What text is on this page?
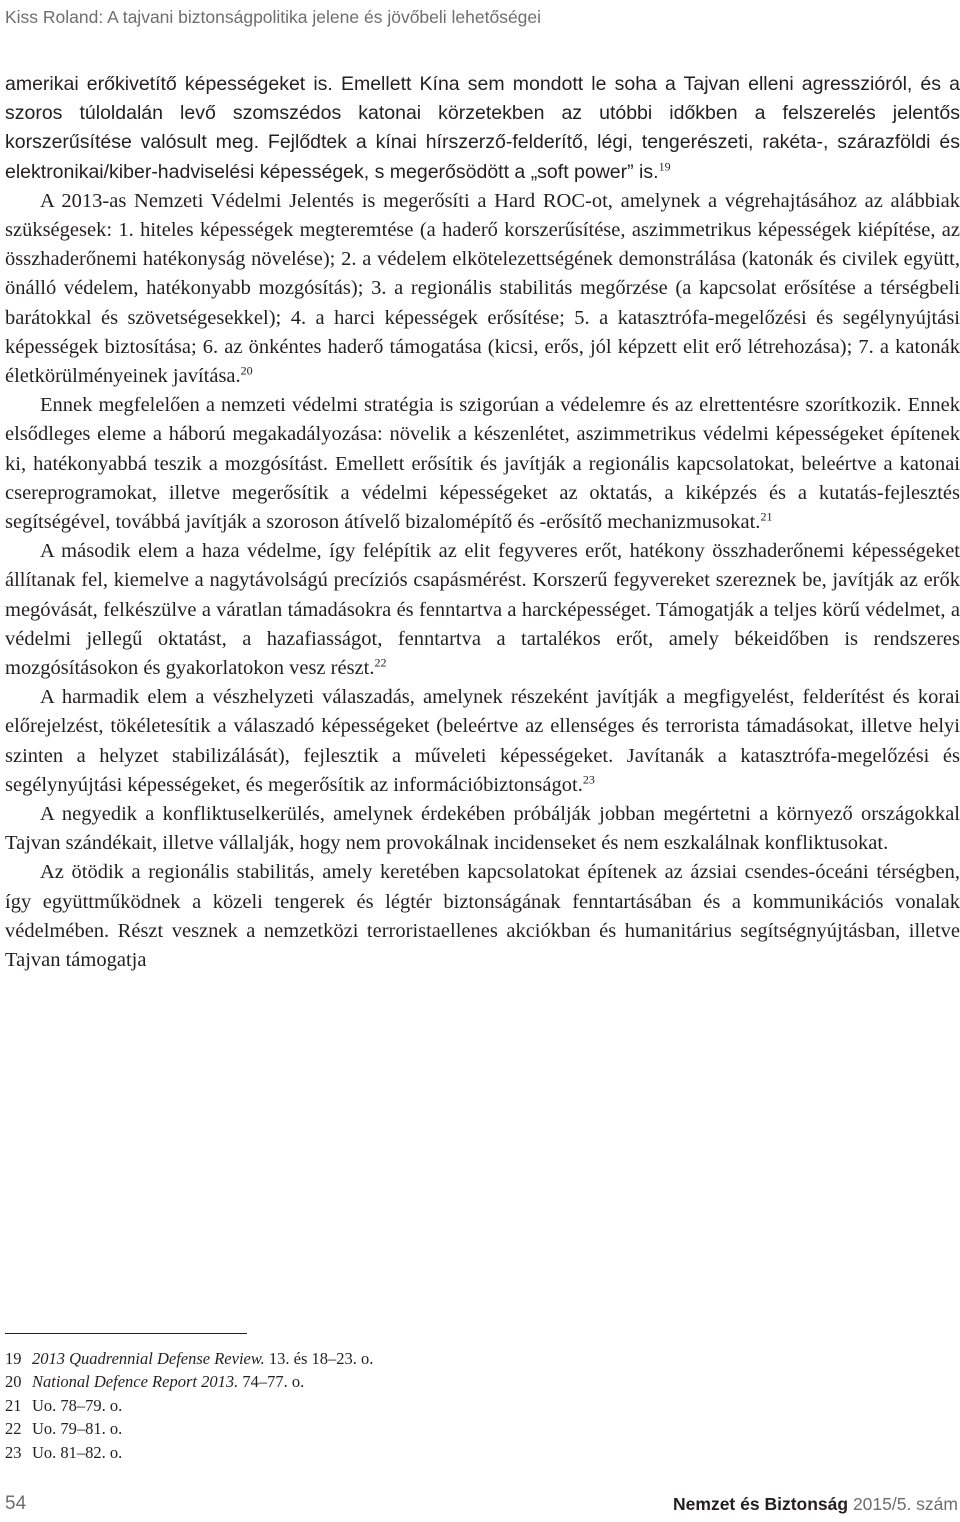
Kiss Roland: A tajvani biztonságpolitika jelene és jövőbeli lehetőségei

amerikai erőkivetítő képességeket is. Emellett Kína sem mondott le soha a Tajvan elleni agresszióról, és a szoros túloldalán levő szomszédos katonai körzetekben az utóbbi időkben a felszerelés jelentős korszerűsítése valósult meg. Fejlődtek a kínai hírszerző-felderítő, légi, tengerészeti, rakéta-, szárazföldi és elektronikai/kiber-hadviselési képességek, s megerősödött a „soft power” is.$^{19}$

A 2013-as Nemzeti Védelmi Jelentés is megerősíti a Hard ROC-ot, amelynek a végrehajtásához az alábbiak szükségesek: 1. hiteles képességek megteremtése (a haderő korszerűsítése, aszimmetrikus képességek kiépítése, az összhaderőnemi hatékonyság növelése); 2. a védelem elkötelezettségének demonstrálása (katonák és civilek együtt, önálló védelem, hatékonyabb mozgósítás); 3. a regionális stabilitás megőrzése (a kapcsolat erősítése a térségbeli barátokkal és szövetségesekkel); 4. a harci képességek erősítése; 5. a katasztrófa-megelőzési és segélynyújtási képességek biztosítása; 6. az önkéntes haderő támogatása (kicsi, erős, jól képzett elit erő létrehozása); 7. a katonák életkörülményeinek javítása.$^{20}$

Ennek megfelelően a nemzeti védelmi stratégia is szigorúan a védelemre és az elrettentésre szorítkozik. Ennek elsődleges eleme a háború megakadályozása: növelik a készenlétet, aszimmetrikus védelmi képességeket építenek ki, hatékonyabbá teszik a mozgósítást. Emellett erősítik és javítják a regionális kapcsolatokat, beleértve a katonai csereprogramokat, illetve megerősítik a védelmi képességeket az oktatás, a kiképzés és a kutatás-fejlesztés segítségével, továbbá javítják a szoroson átívelő bizalomépítő és -erősítő mechanizmusokat.$^{21}$

A második elem a haza védelme, így felépítik az elit fegyveres erőt, hatékony összhaderőnemi képességeket állítanak fel, kiemelve a nagytávolságú precíziós csapásmérést. Korszerű fegyvereket szereznek be, javítják az erők megóvását, felkészülve a váratlan támadásokra és fenntartva a harcképességet. Támogatják a teljes körű védelmet, a védelmi jellegű oktatást, a hazafiasságot, fenntartva a tartalékos erőt, amely békeidőben is rendszeres mozgósításokon és gyakorlatokon vesz részt.$^{22}$

A harmadik elem a vészhelyzeti válaszadás, amelynek részeként javítják a megfigyelést, felderítést és korai előrejelzést, tökéletesítik a válaszadó képességeket (beleértve az ellenséges és terrorista támadásokat, illetve helyi szinten a helyzet stabilizálását), fejlesztik a műveleti képességeket. Javítanák a katasztrófa-megelőzési és segélynyújtási képességeket, és megerősítik az információbiztonságot.$^{23}$

A negyedik a konfliktuselkerülés, amelynek érdekében próbálják jobban megértetni a környező országokkal Tajvan szándékait, illetve vállalják, hogy nem provokálnak incidenseket és nem eszkalálnak konfliktusokat.

Az ötödik a regionális stabilitás, amely keretében kapcsolatokat építenek az ázsiai csendes-óceáni térségben, így együttműködnek a közeli tengerek és légtér biztonságának fenntartásában és a kommunikációs vonalak védelmében. Részt vesznek a nemzetközi terroristaellenes akciókban és humanitárius segítségnyújtásban, illetve Tajvan támogatja

19 2013 Quadrennial Defense Review. 13. és 18–23. o.
20 National Defence Report 2013. 74–77. o.
21 Uo. 78–79. o.
22 Uo. 79–81. o.
23 Uo. 81–82. o.
54	Nemzet és Biztonság 2015/5. szám
